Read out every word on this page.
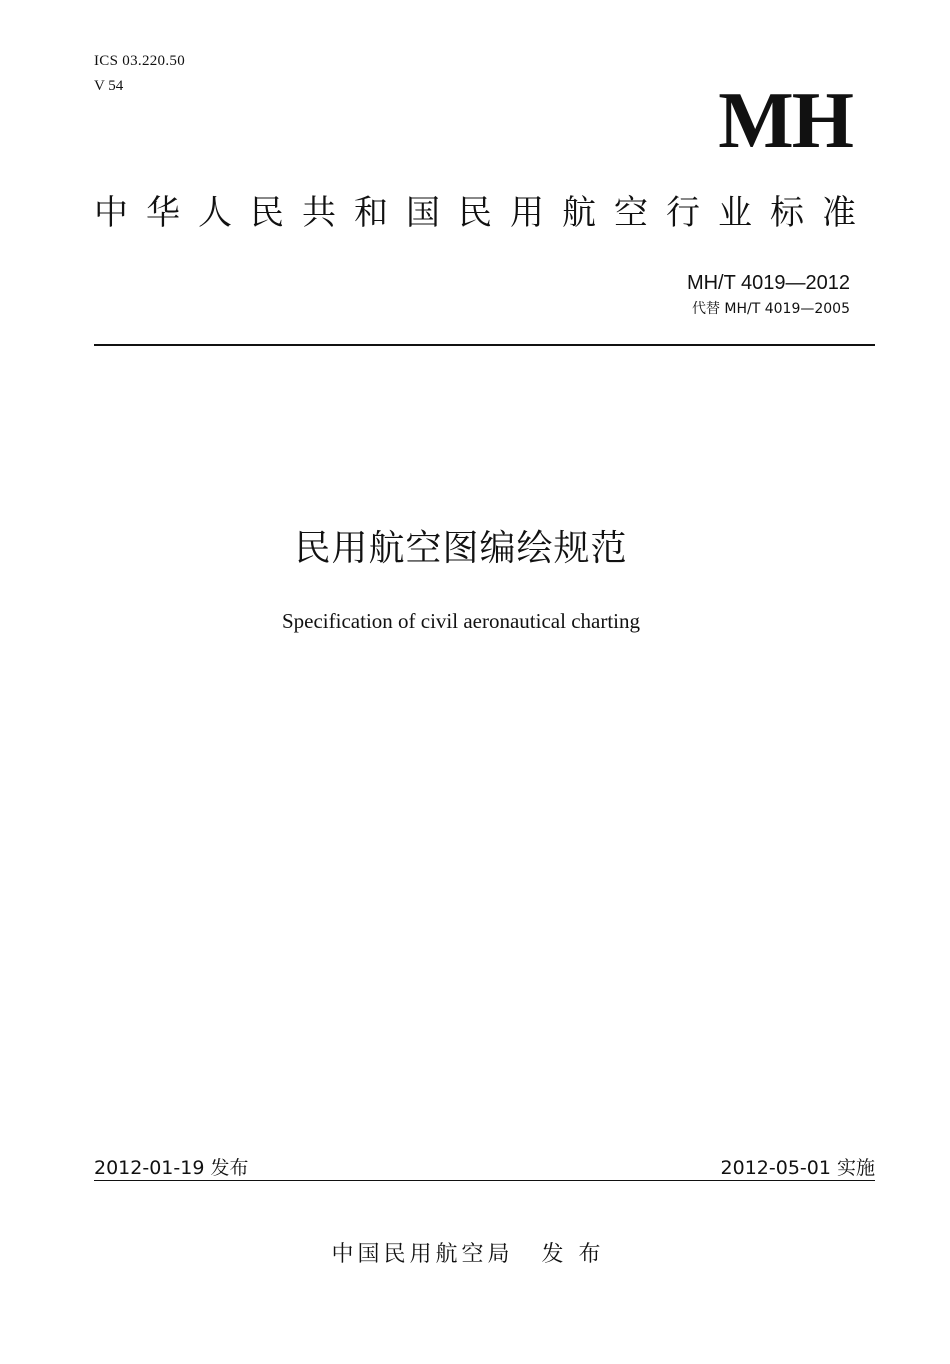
ICS 03.220.50
V 54	MH
中华人民共和国民用航空行业标准
MH/T 4019—2012
代替 MH/T 4019—2005
民用航空图编绘规范
Specification of civil aeronautical charting
2012-01-19 发布	2012-05-01 实施
中国民用航空局 发 布
